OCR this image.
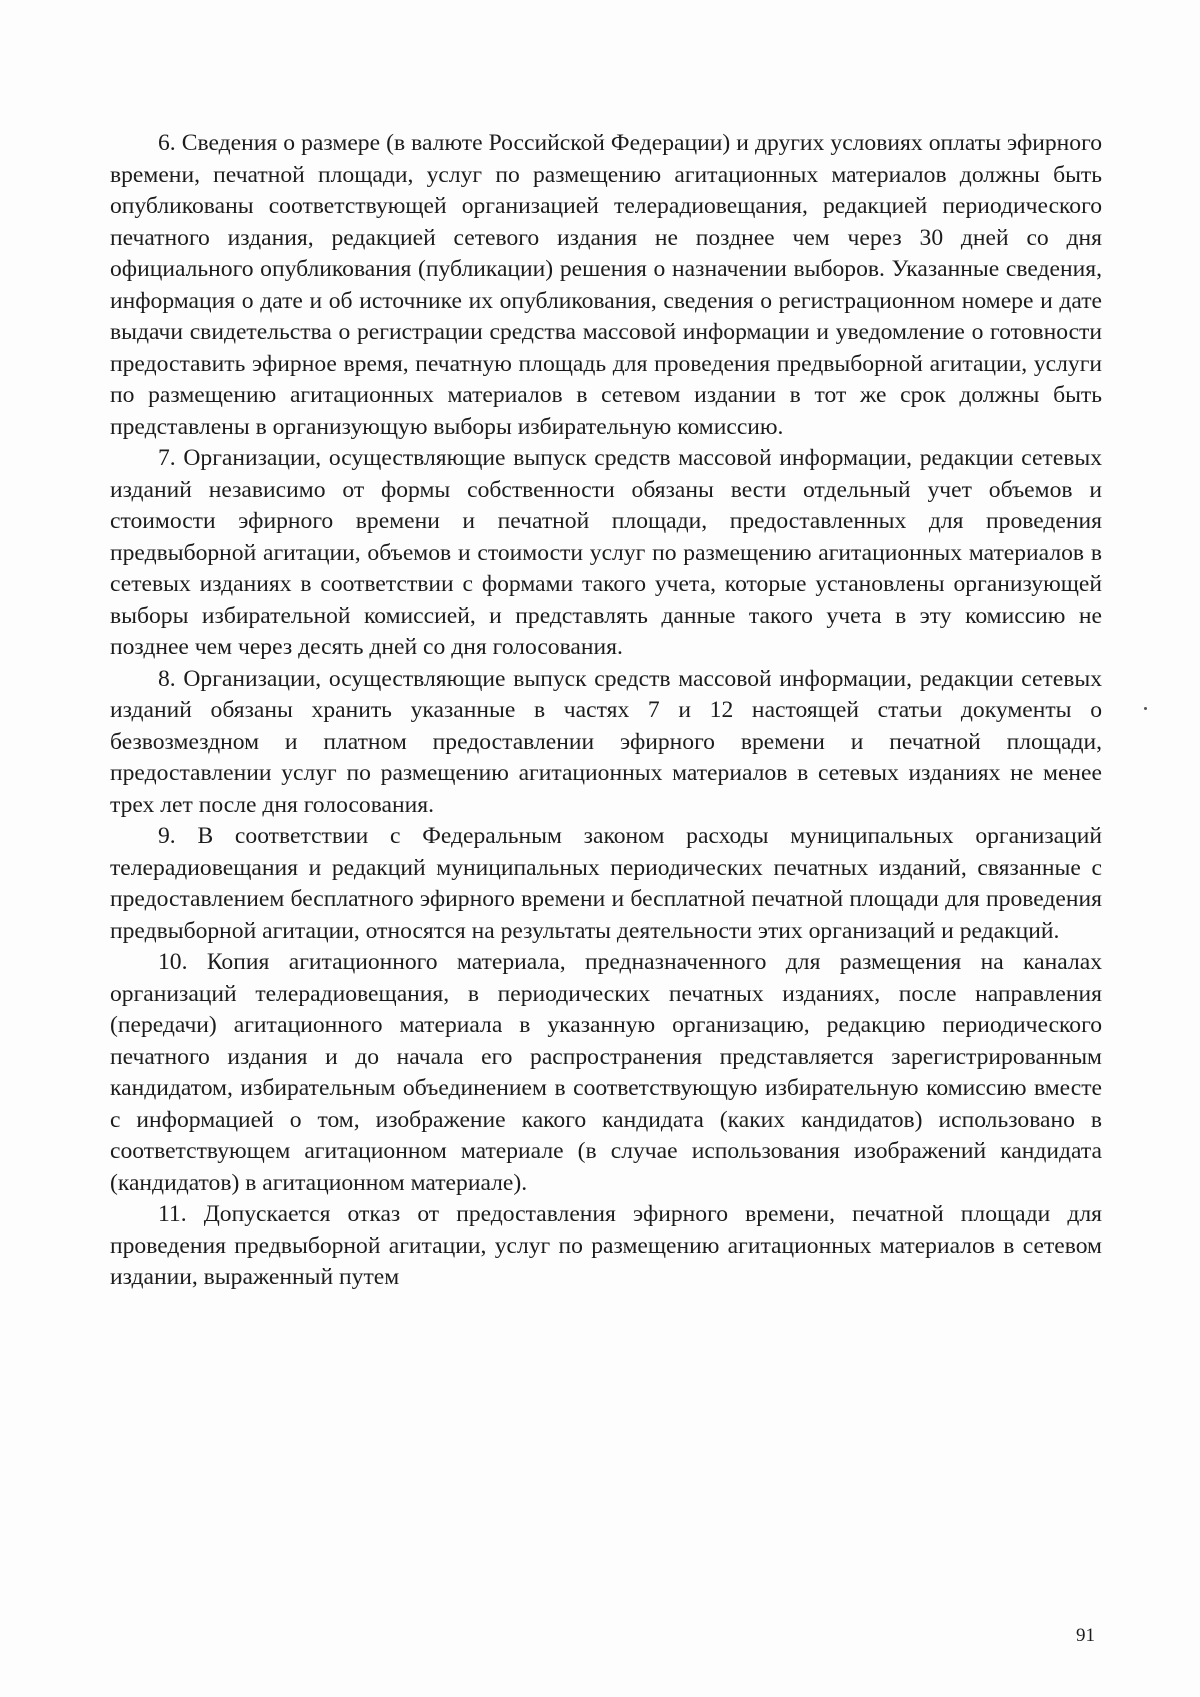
6. Сведения о размере (в валюте Российской Федерации) и других условиях оплаты эфирного времени, печатной площади, услуг по размещению агитационных материалов должны быть опубликованы соответствующей организацией телерадиовещания, редакцией периодического печатного издания, редакцией сетевого издания не позднее чем через 30 дней со дня официального опубликования (публикации) решения о назначении выборов. Указанные сведения, информация о дате и об источнике их опубликования, сведения о регистрационном номере и дате выдачи свидетельства о регистрации средства массовой информации и уведомление о готовности предоставить эфирное время, печатную площадь для проведения предвыборной агитации, услуги по размещению агитационных материалов в сетевом издании в тот же срок должны быть представлены в организующую выборы избирательную комиссию.

7. Организации, осуществляющие выпуск средств массовой информации, редакции сетевых изданий независимо от формы собственности обязаны вести отдельный учет объемов и стоимости эфирного времени и печатной площади, предоставленных для проведения предвыборной агитации, объемов и стоимости услуг по размещению агитационных материалов в сетевых изданиях в соответствии с формами такого учета, которые установлены организующей выборы избирательной комиссией, и представлять данные такого учета в эту комиссию не позднее чем через десять дней со дня голосования.

8. Организации, осуществляющие выпуск средств массовой информации, редакции сетевых изданий обязаны хранить указанные в частях 7 и 12 настоящей статьи документы о безвозмездном и платном предоставлении эфирного времени и печатной площади, предоставлении услуг по размещению агитационных материалов в сетевых изданиях не менее трех лет после дня голосования.

9. В соответствии с Федеральным законом расходы муниципальных организаций телерадиовещания и редакций муниципальных периодических печатных изданий, связанные с предоставлением бесплатного эфирного времени и бесплатной печатной площади для проведения предвыборной агитации, относятся на результаты деятельности этих организаций и редакций.

10. Копия агитационного материала, предназначенного для размещения на каналах организаций телерадиовещания, в периодических печатных изданиях, после направления (передачи) агитационного материала в указанную организацию, редакцию периодического печатного издания и до начала его распространения представляется зарегистрированным кандидатом, избирательным объединением в соответствующую избирательную комиссию вместе с информацией о том, изображение какого кандидата (каких кандидатов) использовано в соответствующем агитационном материале (в случае использования изображений кандидата (кандидатов) в агитационном материале).

11. Допускается отказ от предоставления эфирного времени, печатной площади для проведения предвыборной агитации, услуг по размещению агитационных материалов в сетевом издании, выраженный путем

91
